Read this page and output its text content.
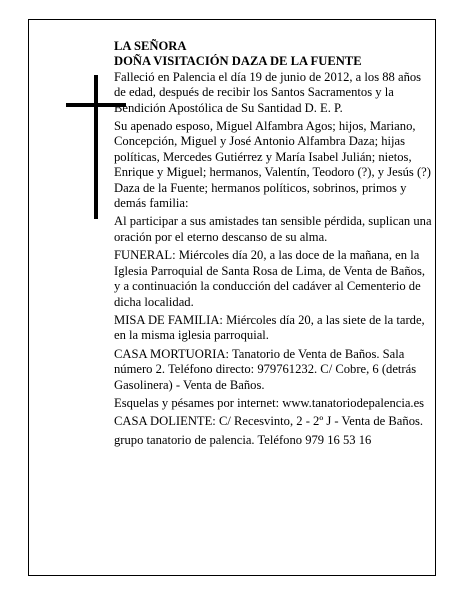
LA SEÑORA

DOÑA VISITACIÓN DAZA DE LA FUENTE

Falleció en Palencia el día 19 de junio de 2012, a los 88 años de edad, después de recibir los Santos Sacramentos y la Bendición Apostólica de Su Santidad D. E. P.

Su apenado esposo, Miguel Alfambra Agos; hijos, Mariano, Concepción, Miguel y José Antonio Alfambra Daza; hijas políticas, Mercedes Gutiérrez y María Isabel Julián; nietos, Enrique y Miguel; hermanos, Valentín, Teodoro (?), y Jesús (?) Daza de la Fuente; hermanos políticos, sobrinos, primos y demás familia:

Al participar a sus amistades tan sensible pérdida, suplican una oración por el eterno descanso de su alma.

FUNERAL: Miércoles día 20, a las doce de la mañana, en la Iglesia Parroquial de Santa Rosa de Lima, de Venta de Baños, y a continuación la conducción del cadáver al Cementerio de dicha localidad.

MISA DE FAMILIA: Miércoles día 20, a las siete de la tarde, en la misma iglesia parroquial.

CASA MORTUORIA: Tanatorio de Venta de Baños. Sala número 2. Teléfono directo: 979761232. C/ Cobre, 6 (detrás Gasolinera) - Venta de Baños.

Esquelas y pésames por internet: www.tanatoriodepalencia.es

CASA DOLIENTE: C/ Recesvinto, 2 - 2º J - Venta de Baños.

grupo tanatorio de palencia. Teléfono 979 16 53 16
